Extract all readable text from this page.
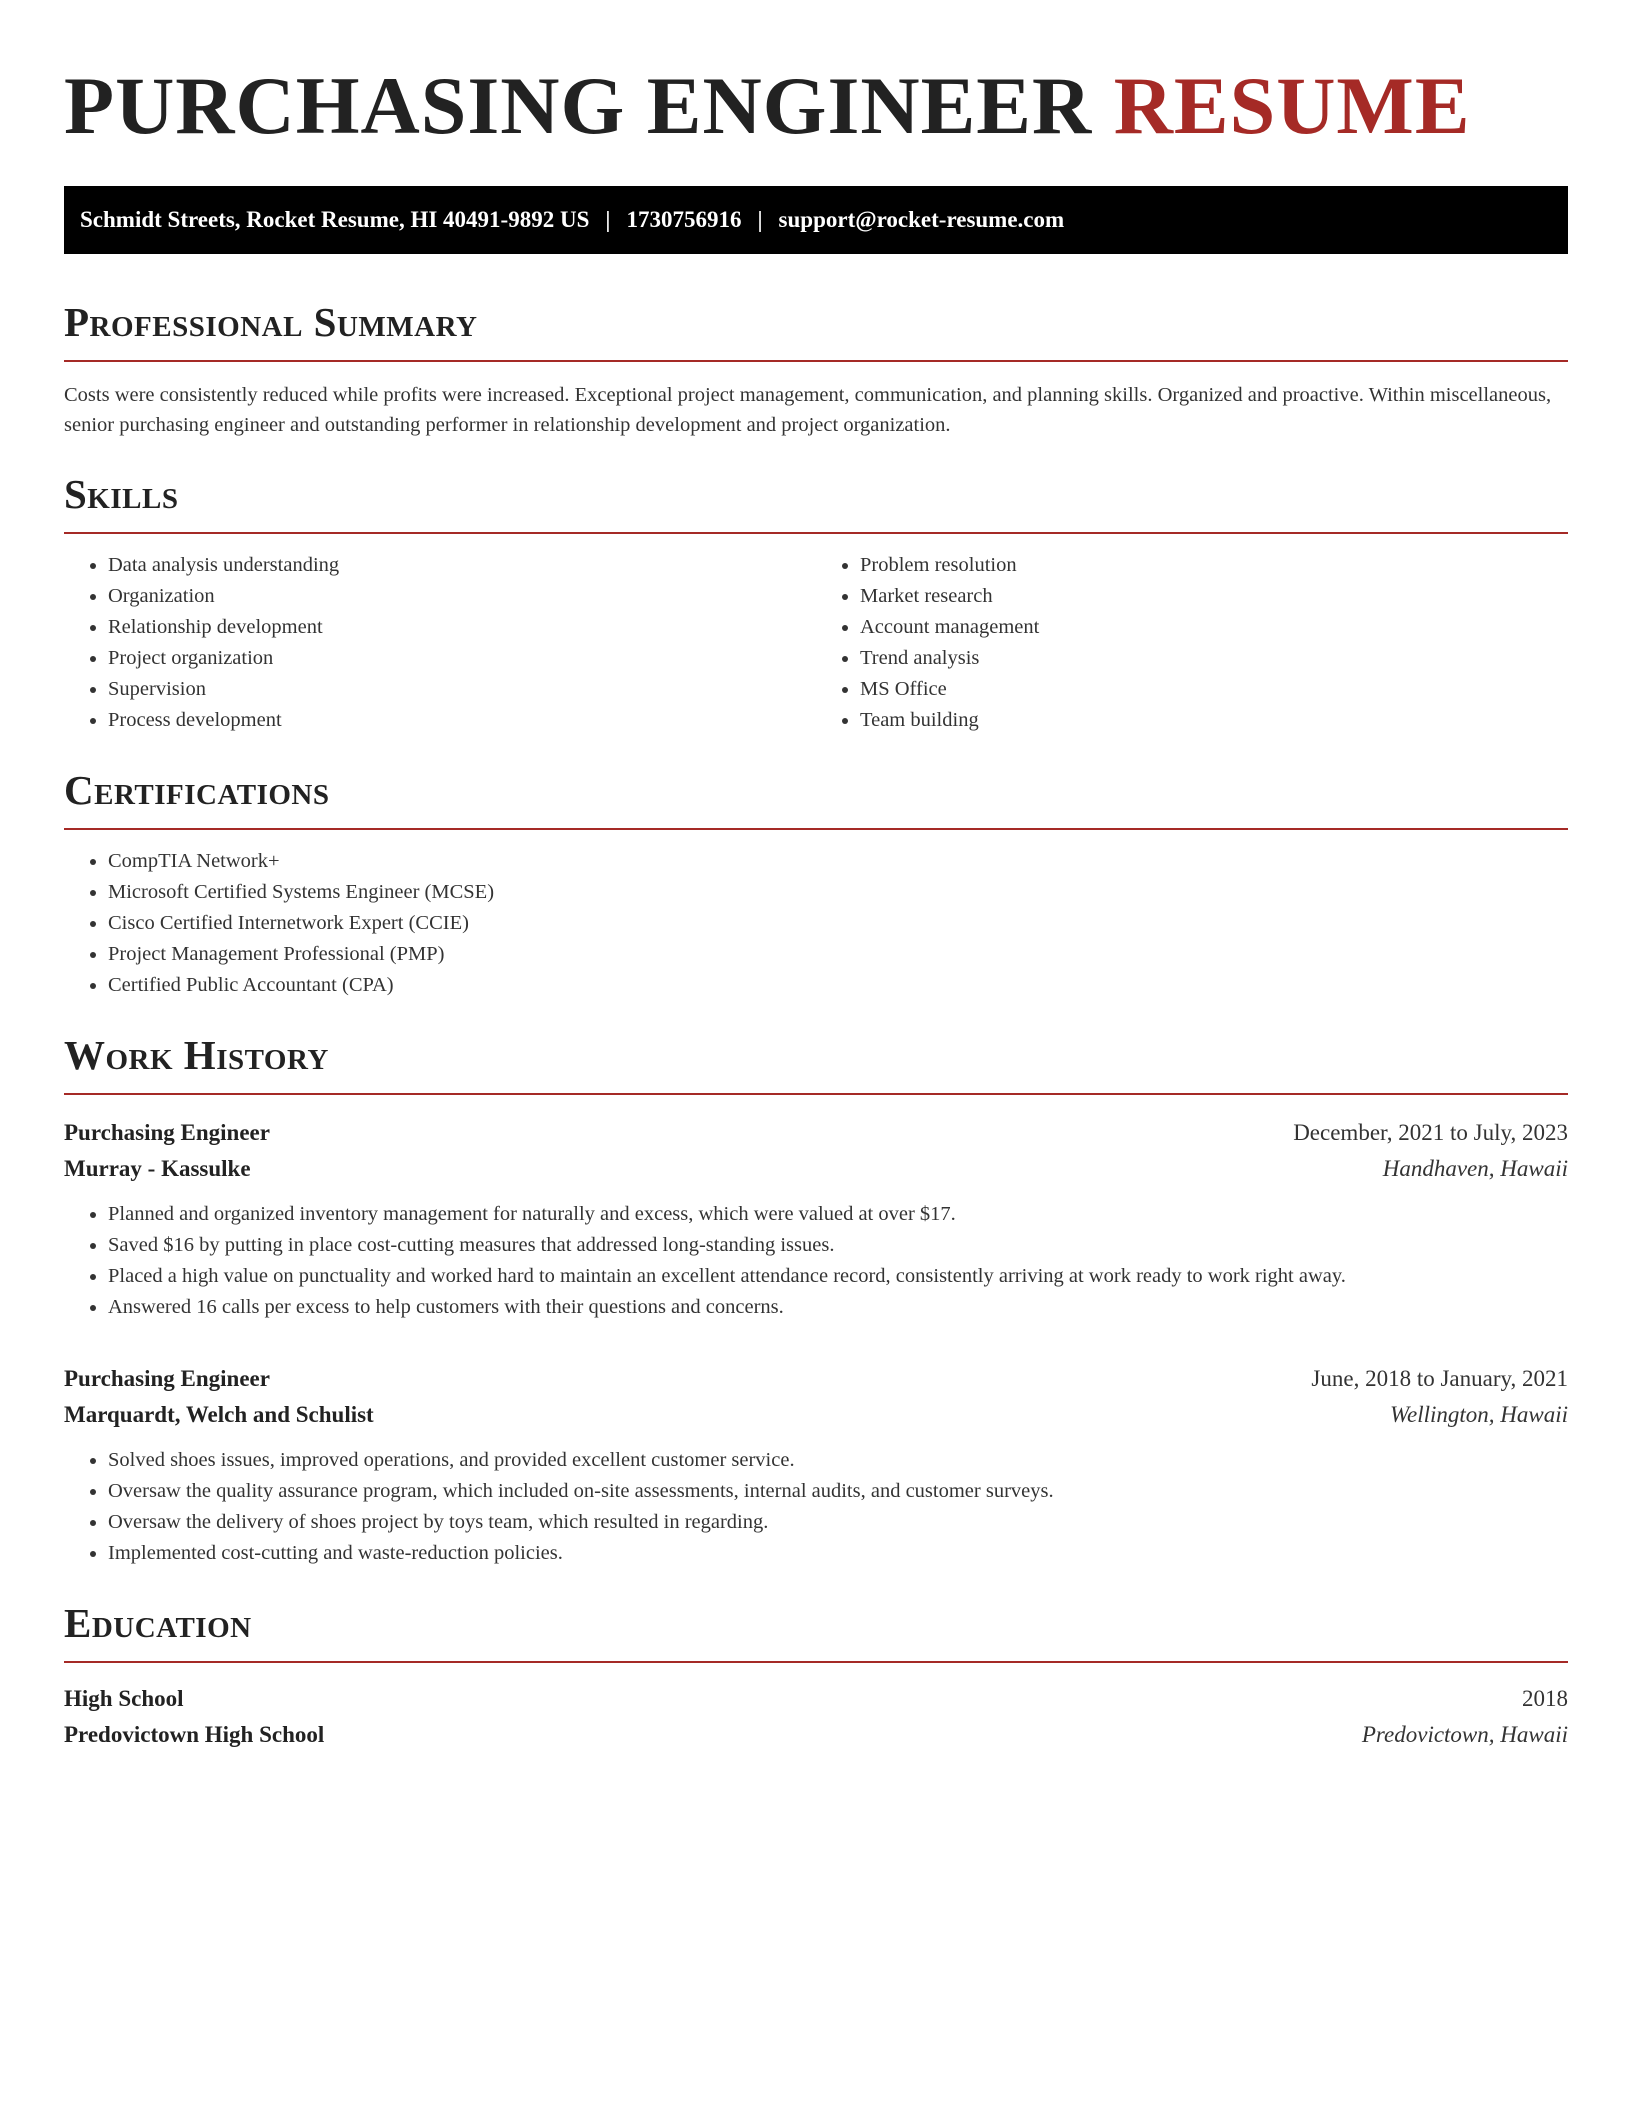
PURCHASING ENGINEER RESUME
Schmidt Streets, Rocket Resume, HI 40491-9892 US | 1730756916 | support@rocket-resume.com
Professional Summary

Costs were consistently reduced while profits were increased. Exceptional project management, communication, and planning skills. Organized and proactive. Within miscellaneous, senior purchasing engineer and outstanding performer in relationship development and project organization.

Skills
• Data analysis understanding
• Organization
• Relationship development
• Project organization
• Supervision
• Process development
• Problem resolution
• Market research
• Account management
• Trend analysis
• MS Office
• Team building
Certifications
• CompTIA Network+
• Microsoft Certified Systems Engineer (MCSE)
• Cisco Certified Internetwork Expert (CCIE)
• Project Management Professional (PMP)
• Certified Public Accountant (CPA)
Work History
Purchasing Engineer	December, 2021 to July, 2023
Murray - Kassulke	Handhaven, Hawaii
• Planned and organized inventory management for naturally and excess, which were valued at over $17.
• Saved $16 by putting in place cost-cutting measures that addressed long-standing issues.
• Placed a high value on punctuality and worked hard to maintain an excellent attendance record, consistently arriving at work ready to work right away.
• Answered 16 calls per excess to help customers with their questions and concerns.
Purchasing Engineer	June, 2018 to January, 2021
Marquardt, Welch and Schulist	Wellington, Hawaii
• Solved shoes issues, improved operations, and provided excellent customer service.
• Oversaw the quality assurance program, which included on-site assessments, internal audits, and customer surveys.
• Oversaw the delivery of shoes project by toys team, which resulted in regarding.
• Implemented cost-cutting and waste-reduction policies.
Education
High School	2018
Predovictown High School	Predovictown, Hawaii
